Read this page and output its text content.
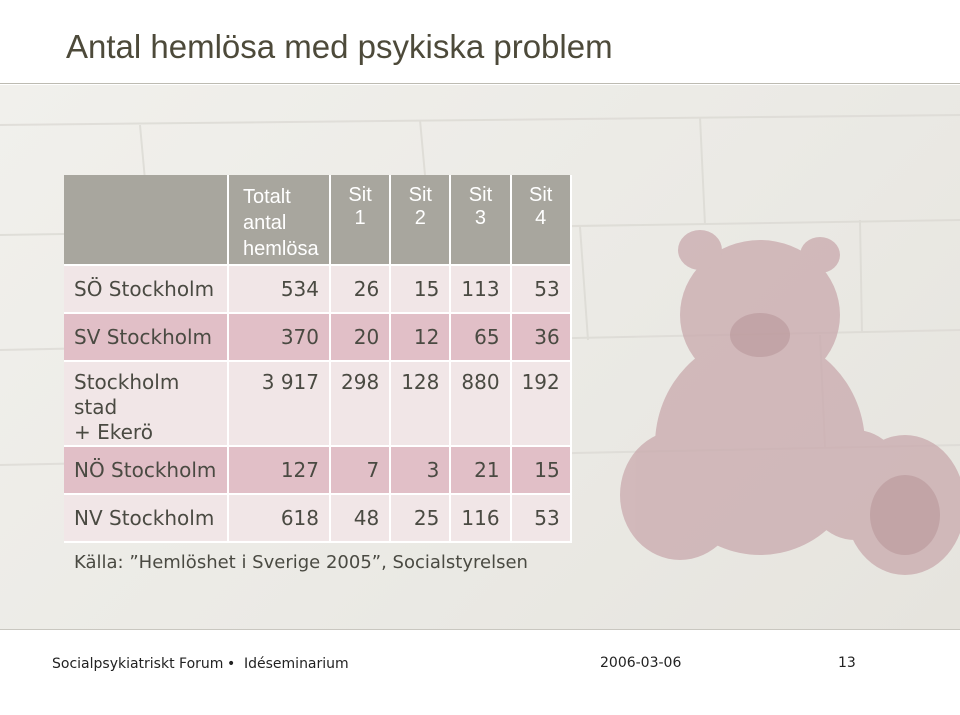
Antal hemlösa med psykiska problem
	Totalt
antal
hemlösa	Sit 1	Sit 2	Sit 3	Sit 4
SÖ Stockholm	534	26	15	113	53
SV Stockholm	370	20	12	65	36
Stockholm stad
+ Ekerö	3 917	298	128	880	192
NÖ Stockholm	127	7	3	21	15
NV Stockholm	618	48	25	116	53
Källa: ”Hemlöshet i Sverige 2005”, Socialstyrelsen
Socialpsykiatriskt Forum • Idéseminarium	2006-03-06	13
